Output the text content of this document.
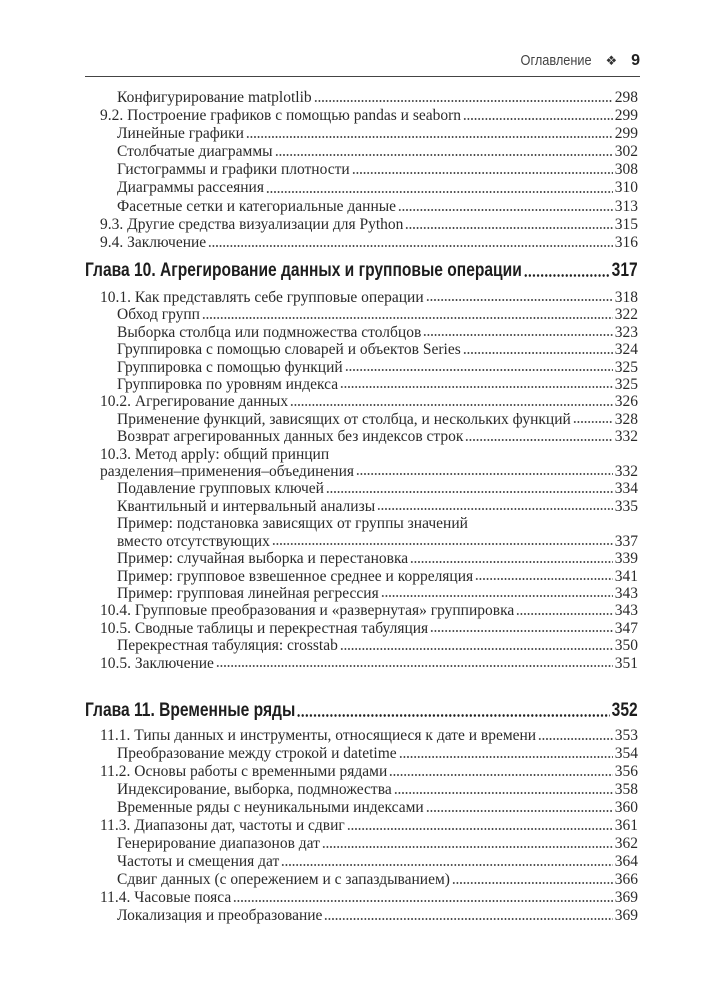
Оглавление ❖ 9
Конфигурирование matplotlib	298
9.2. Построение графиков с помощью pandas и seaborn	299
Линейные графики	299
Столбчатые диаграммы	302
Гистограммы и графики плотности	308
Диаграммы рассеяния	310
Фасетные сетки и категориальные данные	313
9.3. Другие средства визуализации для Python	315
9.4. Заключение	316
Глава 10. Агрегирование данных и групповые операции	317
10.1. Как представлять себе групповые операции	318
Обход групп	322
Выборка столбца или подмножества столбцов	323
Группировка с помощью словарей и объектов Series	324
Группировка с помощью функций	325
Группировка по уровням индекса	325
10.2. Агрегирование данных	326
Применение функций, зависящих от столбца, и нескольких функций	328
Возврат агрегированных данных без индексов строк	332
10.3. Метод apply: общий принцип
разделения–применения–объединения	332
Подавление групповых ключей	334
Квантильный и интервальный анализы	335
Пример: подстановка зависящих от группы значений
вместо отсутствующих	337
Пример: случайная выборка и перестановка	339
Пример: групповое взвешенное среднее и корреляция	341
Пример: групповая линейная регрессия	343
10.4. Групповые преобразования и «развернутая» группировка	343
10.5. Сводные таблицы и перекрестная табуляция	347
Перекрестная табуляция: crosstab	350
10.5. Заключение	351
Глава 11. Временные ряды	352
11.1. Типы данных и инструменты, относящиеся к дате и времени	353
Преобразование между строкой и datetime	354
11.2. Основы работы с временными рядами	356
Индексирование, выборка, подмножества	358
Временные ряды с неуникальными индексами	360
11.3. Диапазоны дат, частоты и сдвиг	361
Генерирование диапазонов дат	362
Частоты и смещения дат	364
Сдвиг данных (с опережением и с запаздыванием)	366
11.4. Часовые пояса	369
Локализация и преобразование	369
